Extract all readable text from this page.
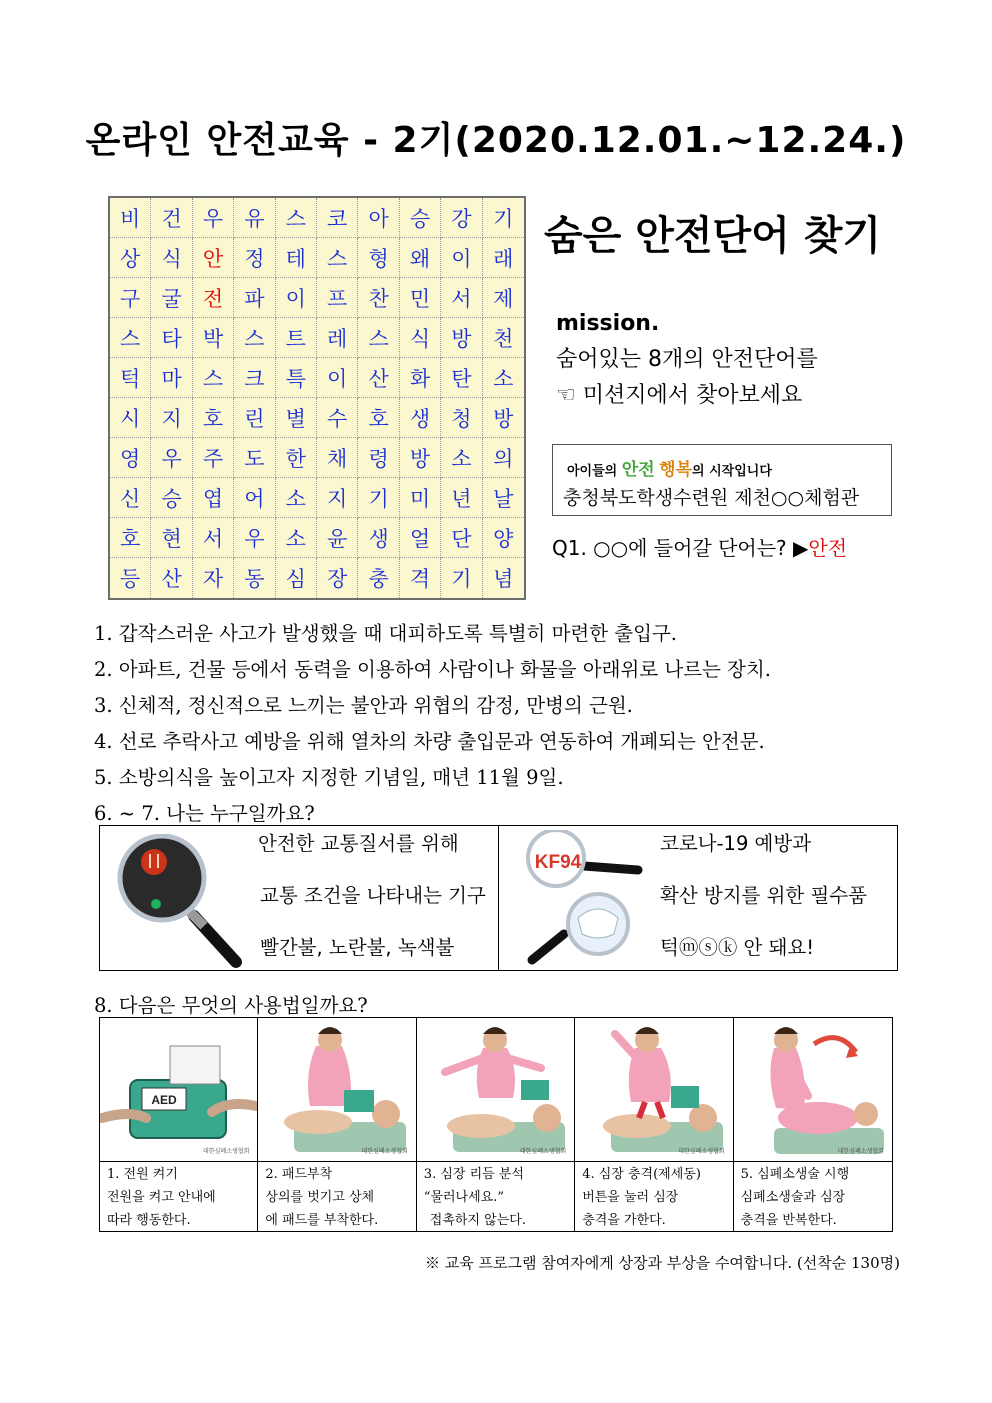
온라인 안전교육 - 2기(2020.12.01.~12.24.)
비	건	우	유	스	코	아	승	강	기
상	식	안	정	테	스	형	왜	이	래
구	굴	전	파	이	프	찬	민	서	제
스	타	박	스	트	레	스	식	방	천
턱	마	스	크	특	이	산	화	탄	소
시	지	호	린	별	수	호	생	청	방
영	우	주	도	한	채	령	방	소	의
신	승	엽	어	소	지	기	미	년	날
호	현	서	우	소	윤	생	얼	단	양
등	산	자	동	심	장	충	격	기	념
숨은 안전단어 찾기
mission.
숨어있는 8개의 안전단어를
☜ 미션지에서 찾아보세요
아이들의 안전 행복의 시작입니다
충청북도학생수련원 제천○○체험관
Q1. ○○에 들어갈 단어는? ▶안전
1. 갑작스러운 사고가 발생했을 때 대피하도록 특별히 마련한 출입구.
2. 아파트, 건물 등에서 동력을 이용하여 사람이나 화물을 아래위로 나르는 장치.
3. 신체적, 정신적으로 느끼는 불안과 위협의 감정, 만병의 근원.
4. 선로 추락사고 예방을 위해 열차의 차량 출입문과 연동하여 개폐되는 안전문.
5. 소방의식을 높이고자 지정한 기념일, 매년 11월 9일.
6. ~ 7. 나는 누구일까요?
안전한 교통질서를 위해
교통 조건을 나타내는 기구
빨간불, 노란불, 녹색불
KF94
코로나-19 예방과
확산 방지를 위한 필수품
턱ⓜⓢⓚ 안 돼요!
8. 다음은 무엇의 사용법일까요?
AED
대한심폐소생협회	대한심폐소생협회	대한심폐소생협회	대한심폐소생협회	대한심폐소생협회
1. 전원 켜기
전원을 켜고 안내에
따라 행동한다.
2. 패드부착
상의를 벗기고 상체
에 패드를 부착한다.
3. 심장 리듬 분석
“물러나세요.”
접촉하지 않는다.
4. 심장 충격(제세동)
버튼을 눌러 심장
충격을 가한다.
5. 심폐소생술 시행
심폐소생술과 심장
충격을 반복한다.
※ 교육 프로그램 참여자에게 상장과 부상을 수여합니다. (선착순 130명)
